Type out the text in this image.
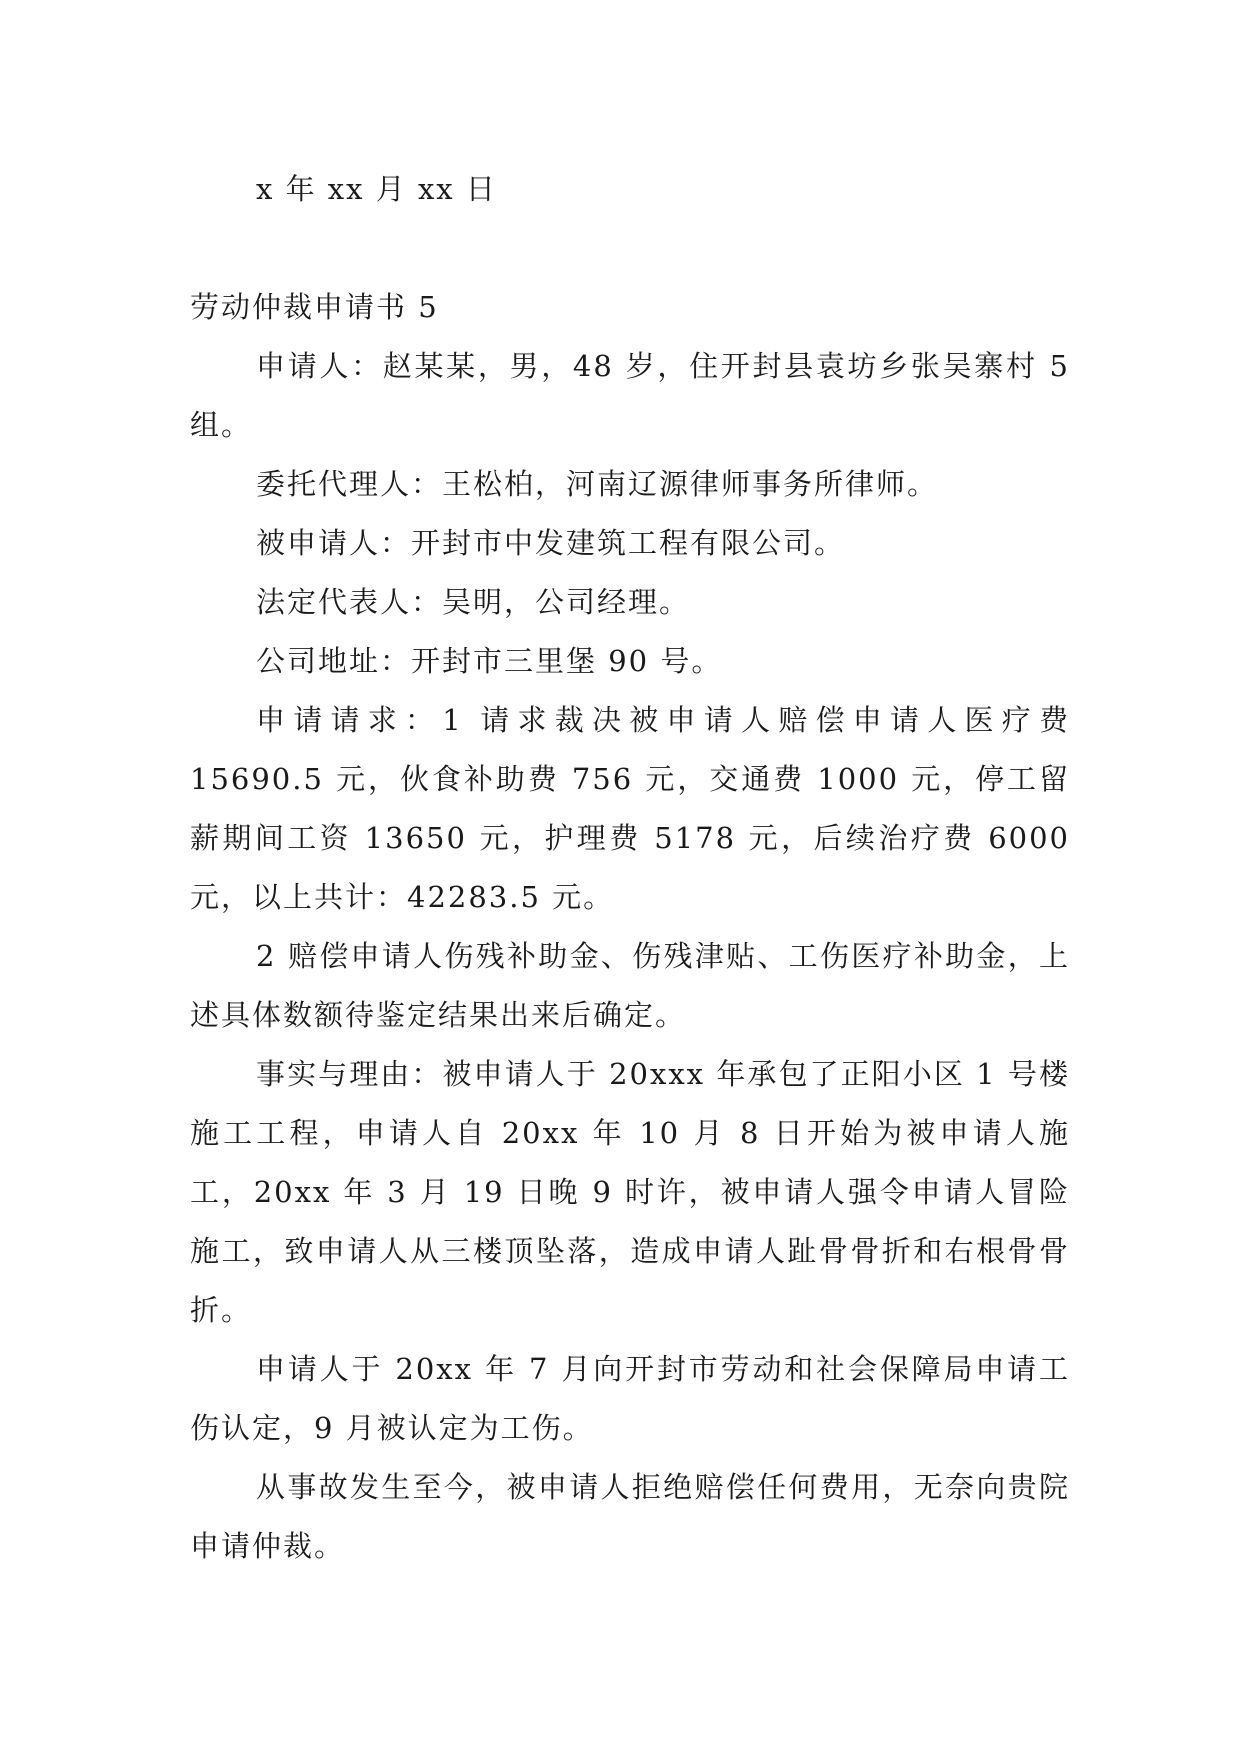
x 年 xx 月 xx 日

劳动仲裁申请书 5

申请人：赵某某，男，48 岁，住开封县袁坊乡张吴寨村 5 组。

委托代理人：王松柏，河南辽源律师事务所律师。

被申请人：开封市中发建筑工程有限公司。

法定代表人：吴明，公司经理。

公司地址：开封市三里堡 90 号。

申请请求：1 请求裁决被申请人赔偿申请人医疗费 15690.5 元，伙食补助费 756 元，交通费 1000 元，停工留薪期间工资 13650 元，护理费 5178 元，后续治疗费 6000 元，以上共计：42283.5 元。

2 赔偿申请人伤残补助金、伤残津贴、工伤医疗补助金，上述具体数额待鉴定结果出来后确定。

事实与理由：被申请人于 20xxx 年承包了正阳小区 1 号楼施工工程，申请人自 20xx 年 10 月 8 日开始为被申请人施工，20xx 年 3 月 19 日晚 9 时许，被申请人强令申请人冒险施工，致申请人从三楼顶坠落，造成申请人趾骨骨折和右根骨骨折。

申请人于 20xx 年 7 月向开封市劳动和社会保障局申请工伤认定，9 月被认定为工伤。

从事故发生至今，被申请人拒绝赔偿任何费用，无奈向贵院申请仲裁。
